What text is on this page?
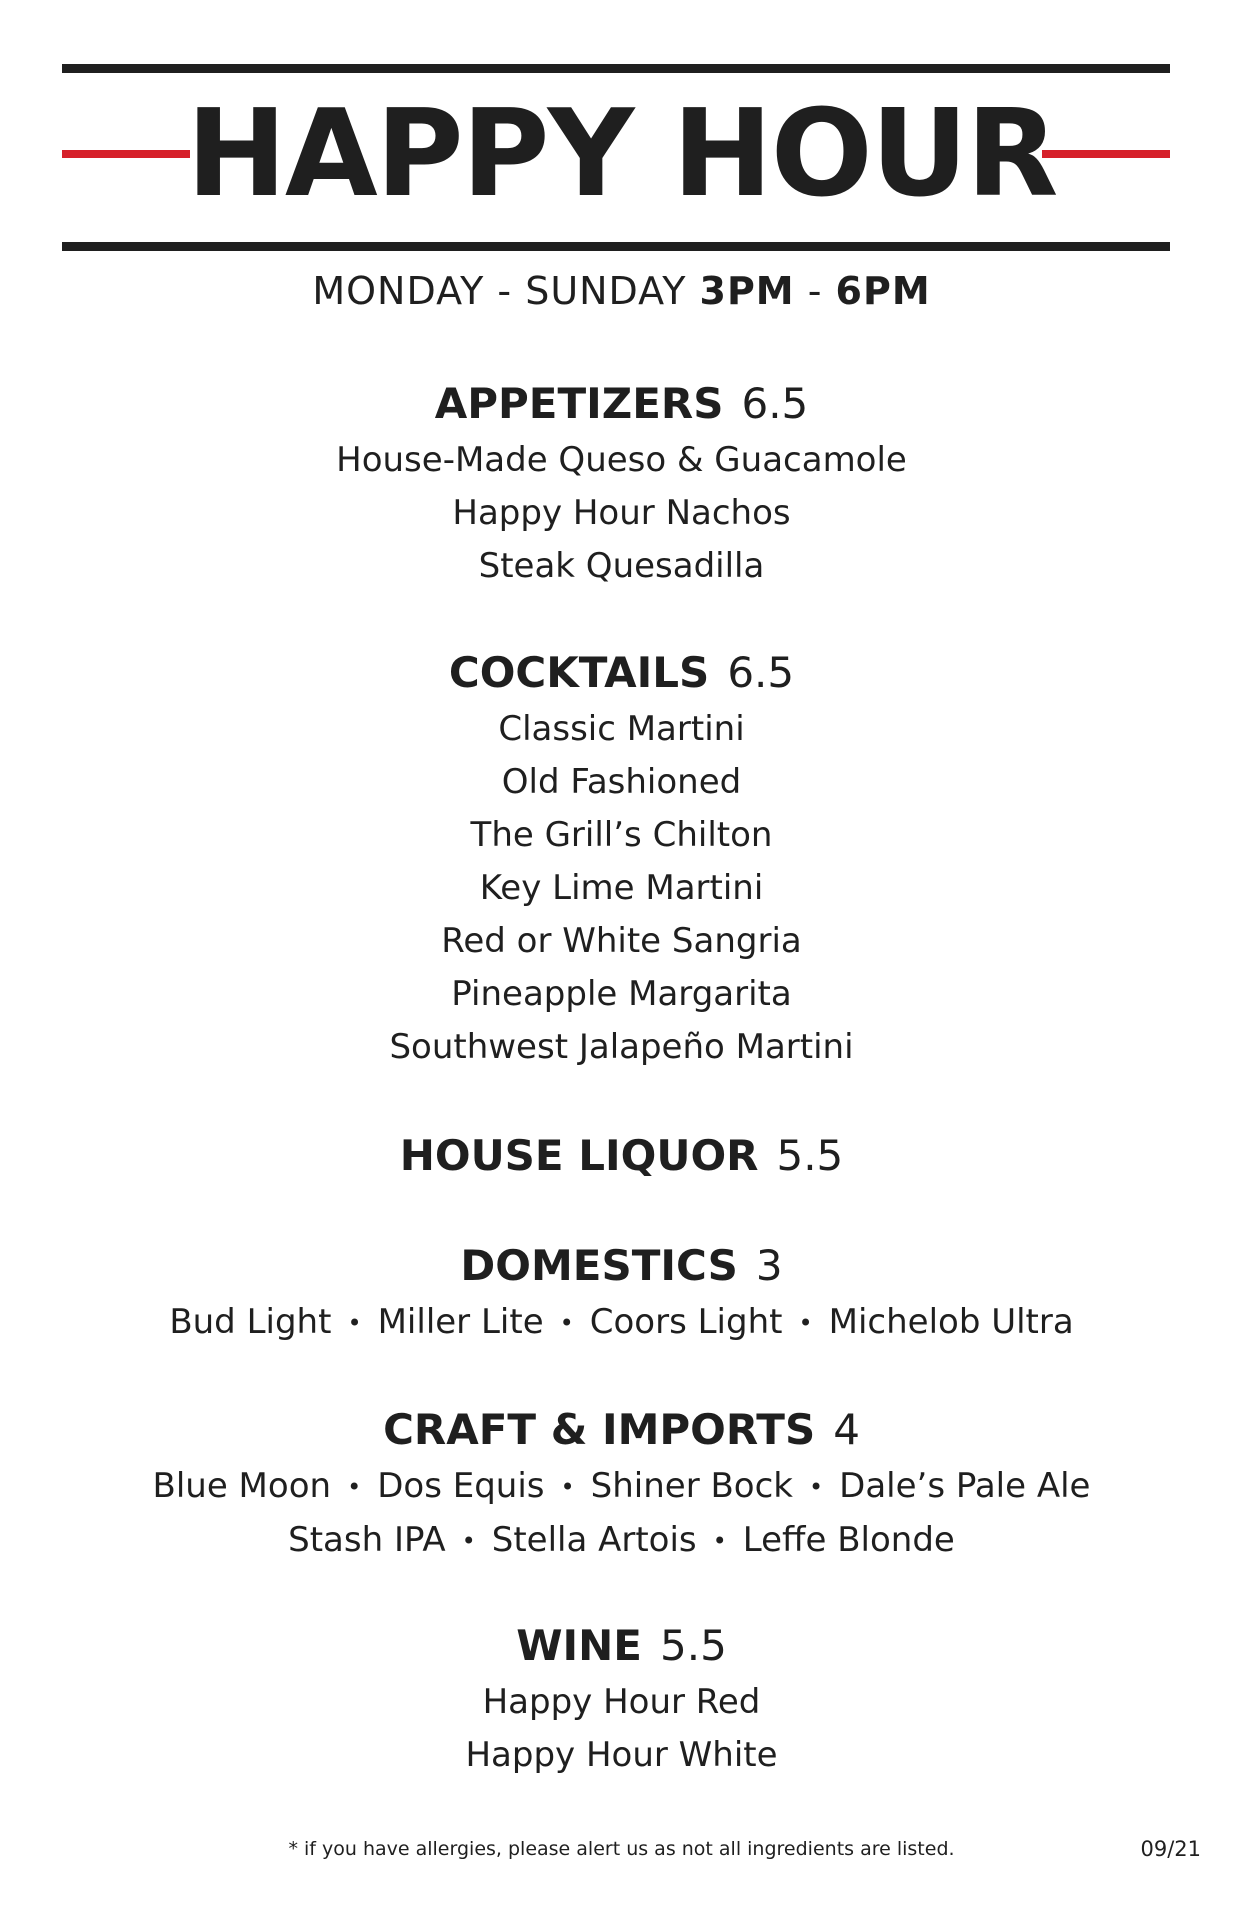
HAPPY HOUR
MONDAY - SUNDAY 3PM - 6PM
APPETIZERS 6.5
House-Made Queso & Guacamole
Happy Hour Nachos
Steak Quesadilla
COCKTAILS 6.5
Classic Martini
Old Fashioned
The Grill’s Chilton
Key Lime Martini
Red or White Sangria
Pineapple Margarita
Southwest Jalapeño Martini
HOUSE LIQUOR 5.5
DOMESTICS 3
Bud Light • Miller Lite • Coors Light • Michelob Ultra
CRAFT & IMPORTS 4
Blue Moon • Dos Equis • Shiner Bock • Dale’s Pale Ale
Stash IPA • Stella Artois • Leffe Blonde
WINE 5.5
Happy Hour Red
Happy Hour White
* if you have allergies, please alert us as not all ingredients are listed.	09/21
